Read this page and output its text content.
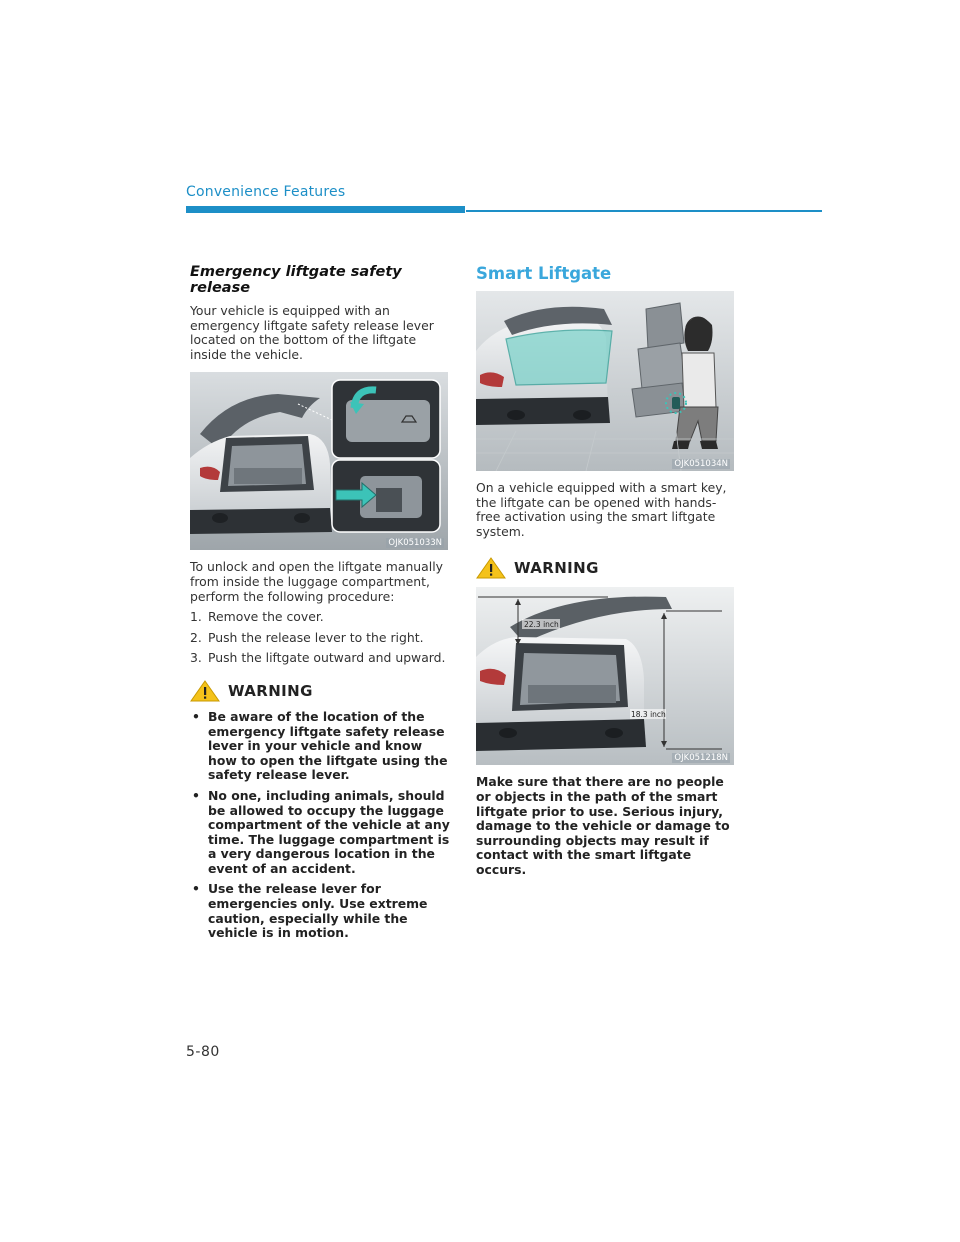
Convenience Features
Emergency liftgate safety release

Your vehicle is equipped with an emergency liftgate safety release lever located on the bottom of the liftgate inside the vehicle.

OJK051033N

To unlock and open the liftgate manually from inside the luggage compartment, perform the following procedure:

1. Remove the cover.
2. Push the release lever to the right.
3. Push the liftgate outward and upward.
WARNING
• Be aware of the location of the emergency liftgate safety release lever in your vehicle and know how to open the liftgate using the safety release lever.
• No one, including animals, should be allowed to occupy the luggage compartment of the vehicle at any time. The luggage compartment is a very dangerous location in the event of an accident.
• Use the release lever for emergencies only. Use extreme caution, especially while the vehicle is in motion.
Smart Liftgate
OJK051034N

On a vehicle equipped with a smart key, the liftgate can be opened with hands-free activation using the smart liftgate system.

WARNING
22.3 inch
18.3 inch
OJK051218N

Make sure that there are no people or objects in the path of the smart liftgate prior to use. Serious injury, damage to the vehicle or damage to surrounding objects may result if contact with the smart liftgate occurs.

5-80
